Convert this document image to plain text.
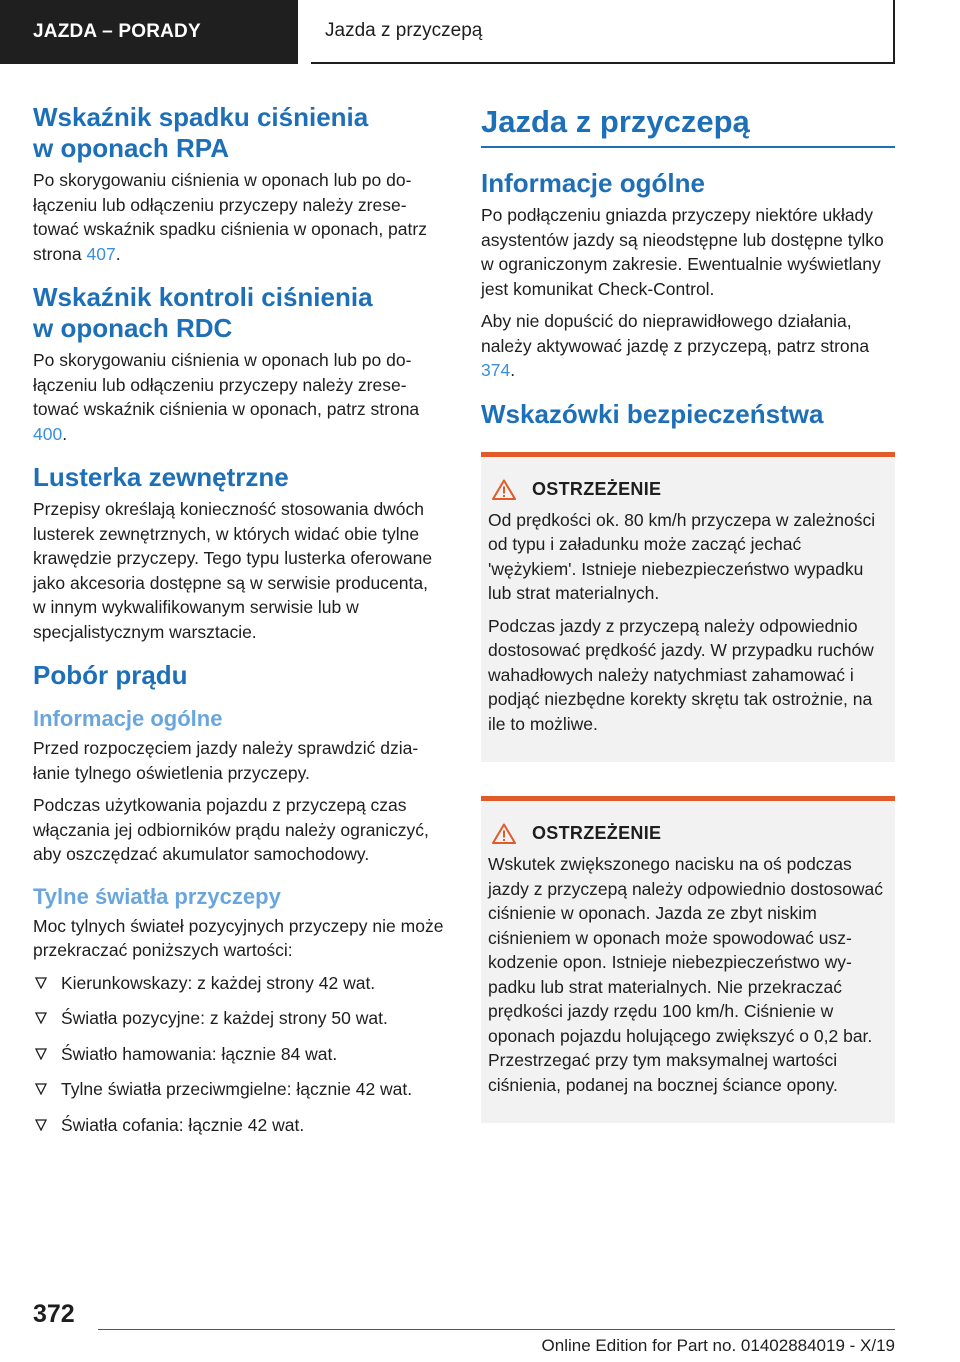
JAZDA – PORADY	Jazda z przyczepą
Wskaźnik spadku ciśnienia
w oponach RPA

Po skorygowaniu ciśnienia w oponach lub po dołączeniu lub odłączeniu przyczepy należy zresetować wskaźnik spadku ciśnienia w oponach, patrz strona 407.

Wskaźnik kontroli ciśnienia
w oponach RDC

Po skorygowaniu ciśnienia w oponach lub po dołączeniu lub odłączeniu przyczepy należy zresetować wskaźnik ciśnienia w oponach, patrz strona 400.

Lusterka zewnętrzne

Przepisy określają konieczność stosowania dwóch lusterek zewnętrznych, w których widać obie tylne krawędzie przyczepy. Tego typu lusterka oferowane jako akcesoria dostępne są w serwisie producenta, w innym wykwalifikowanym serwisie lub w specjalistycznym warsztacie.

Pobór prądu
Informacje ogólne

Przed rozpoczęciem jazdy należy sprawdzić działanie tylnego oświetlenia przyczepy.

Podczas użytkowania pojazdu z przyczepą czas włączania jej odbiorników prądu należy ograniczyć, aby oszczędzać akumulator samochodowy.

Tylne światła przyczepy

Moc tylnych świateł pozycyjnych przyczepy nie może przekraczać poniższych wartości:

Kierunkowskazy: z każdej strony 42 wat.
Światła pozycyjne: z każdej strony 50 wat.
Światło hamowania: łącznie 84 wat.
Tylne światła przeciwmgielne: łącznie 42 wat.
Światła cofania: łącznie 42 wat.
Jazda z przyczepą
Informacje ogólne

Po podłączeniu gniazda przyczepy niektóre układy asystentów jazdy są nieodstępne lub dostępne tylko w ograniczonym zakresie. Ewentualnie wyświetlany jest komunikat Check-Control.

Aby nie dopuścić do nieprawidłowego działania, należy aktywować jazdę z przyczepą, patrz strona 374.

Wskazówki bezpieczeństwa
OSTRZEŻENIE

Od prędkości ok. 80 km/h przyczepa w zależności od typu i załadunku może zacząć jechać 'wężykiem'. Istnieje niebezpieczeństwo wypadku lub strat materialnych.

Podczas jazdy z przyczepą należy odpowiednio dostosować prędkość jazdy. W przypadku ruchów wahadłowych należy natychmiast zahamować i podjąć niezbędne korekty skrętu tak ostrożnie, na ile to możliwe.

OSTRZEŻENIE

Wskutek zwiększonego nacisku na oś podczas jazdy z przyczepą należy odpowiednio dostosować ciśnienie w oponach. Jazda ze zbyt niskim ciśnieniem w oponach może spowodować uszkodzenie opon. Istnieje niebezpieczeństwo wypadku lub strat materialnych. Nie przekraczać prędkości jazdy rzędu 100 km/h. Ciśnienie w oponach pojazdu holującego zwiększyć o 0,2 bar. Przestrzegać przy tym maksymalnej wartości ciśnienia, podanej na bocznej ściance opony.

372
Online Edition for Part no. 01402884019 - X/19
